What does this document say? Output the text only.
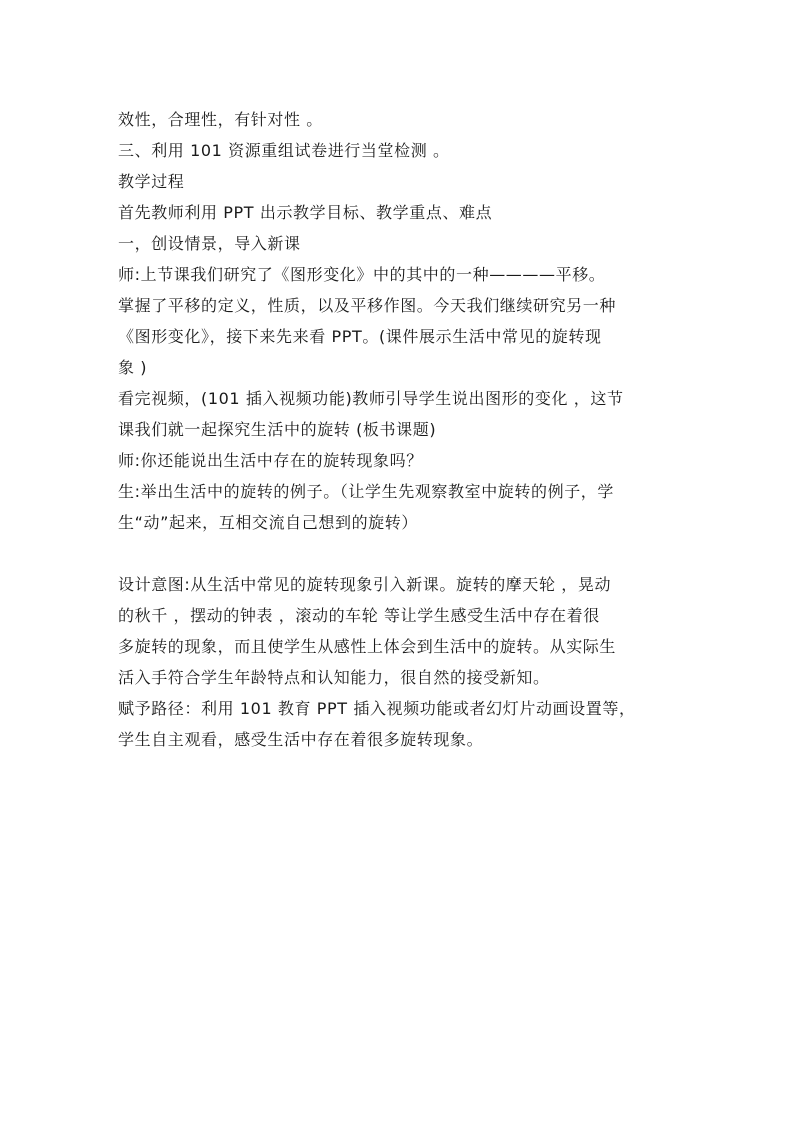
效性，合理性，有针对性 。
三、利用 101 资源重组试卷进行当堂检测 。
教学过程
首先教师利用 PPT 出示教学目标、教学重点、难点
一，创设情景，导入新课
师:上节课我们研究了《图形变化》中的其中的一种————平移。
掌握了平移的定义，性质，以及平移作图。今天我们继续研究另一种
《图形变化》，接下来先来看 PPT。(课件展示生活中常见的旋转现
象 )
看完视频，(101 插入视频功能)教师引导学生说出图形的变化 ，这节
课我们就一起探究生活中的旋转 (板书课题)
师:你还能说出生活中存在的旋转现象吗？
生:举出生活中的旋转的例子。（让学生先观察教室中旋转的例子，学
生“动”起来，互相交流自己想到的旋转）
设计意图:从生活中常见的旋转现象引入新课。旋转的摩天轮 ，晃动
的秋千 ，摆动的钟表 ，滚动的车轮 等让学生感受生活中存在着很
多旋转的现象，而且使学生从感性上体会到生活中的旋转。从实际生
活入手符合学生年龄特点和认知能力，很自然的接受新知。
赋予路径：利用 101 教育 PPT 插入视频功能或者幻灯片动画设置等，
学生自主观看，感受生活中存在着很多旋转现象。
